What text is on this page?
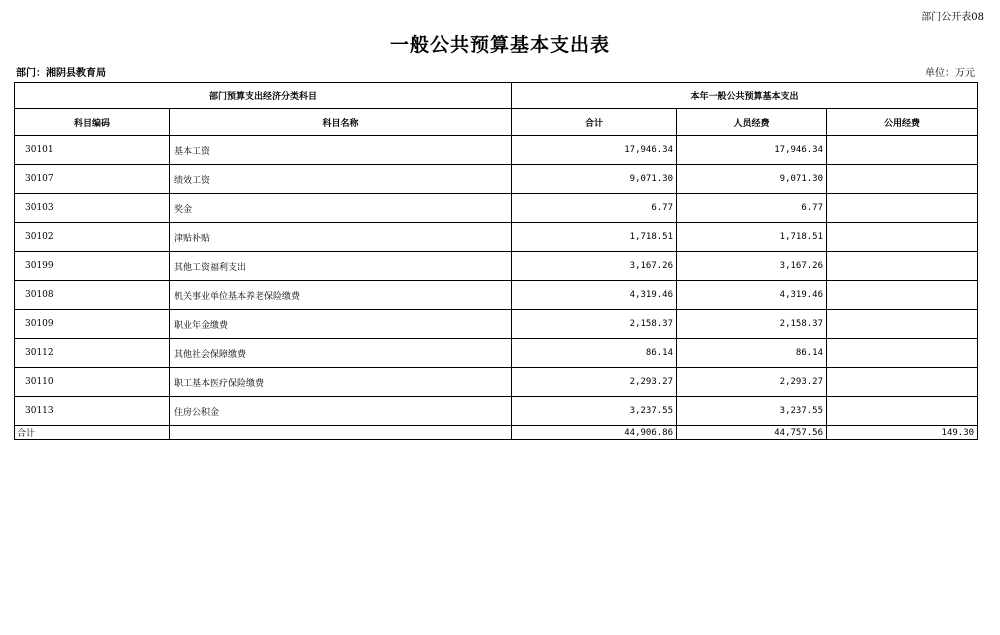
部门公开表08
一般公共预算基本支出表
部门：湘阴县教育局	单位：万元
部门预算支出经济分类科目		本年一般公共预算基本支出		
科目编码	科目名称	合计	人员经费	公用经费
30101	基本工资	17,946.34	17,946.34	
30107	绩效工资	9,071.30	9,071.30	
30103	奖金	6.77	6.77	
30102	津贴补贴	1,718.51	1,718.51	
30199	其他工资福利支出	3,167.26	3,167.26	
30108	机关事业单位基本养老保险缴费	4,319.46	4,319.46	
30109	职业年金缴费	2,158.37	2,158.37	
30112	其他社会保障缴费	86.14	86.14	
30110	职工基本医疗保险缴费	2,293.27	2,293.27	
30113	住房公积金	3,237.55	3,237.55	
合计		44,906.86	44,757.56	149.30
